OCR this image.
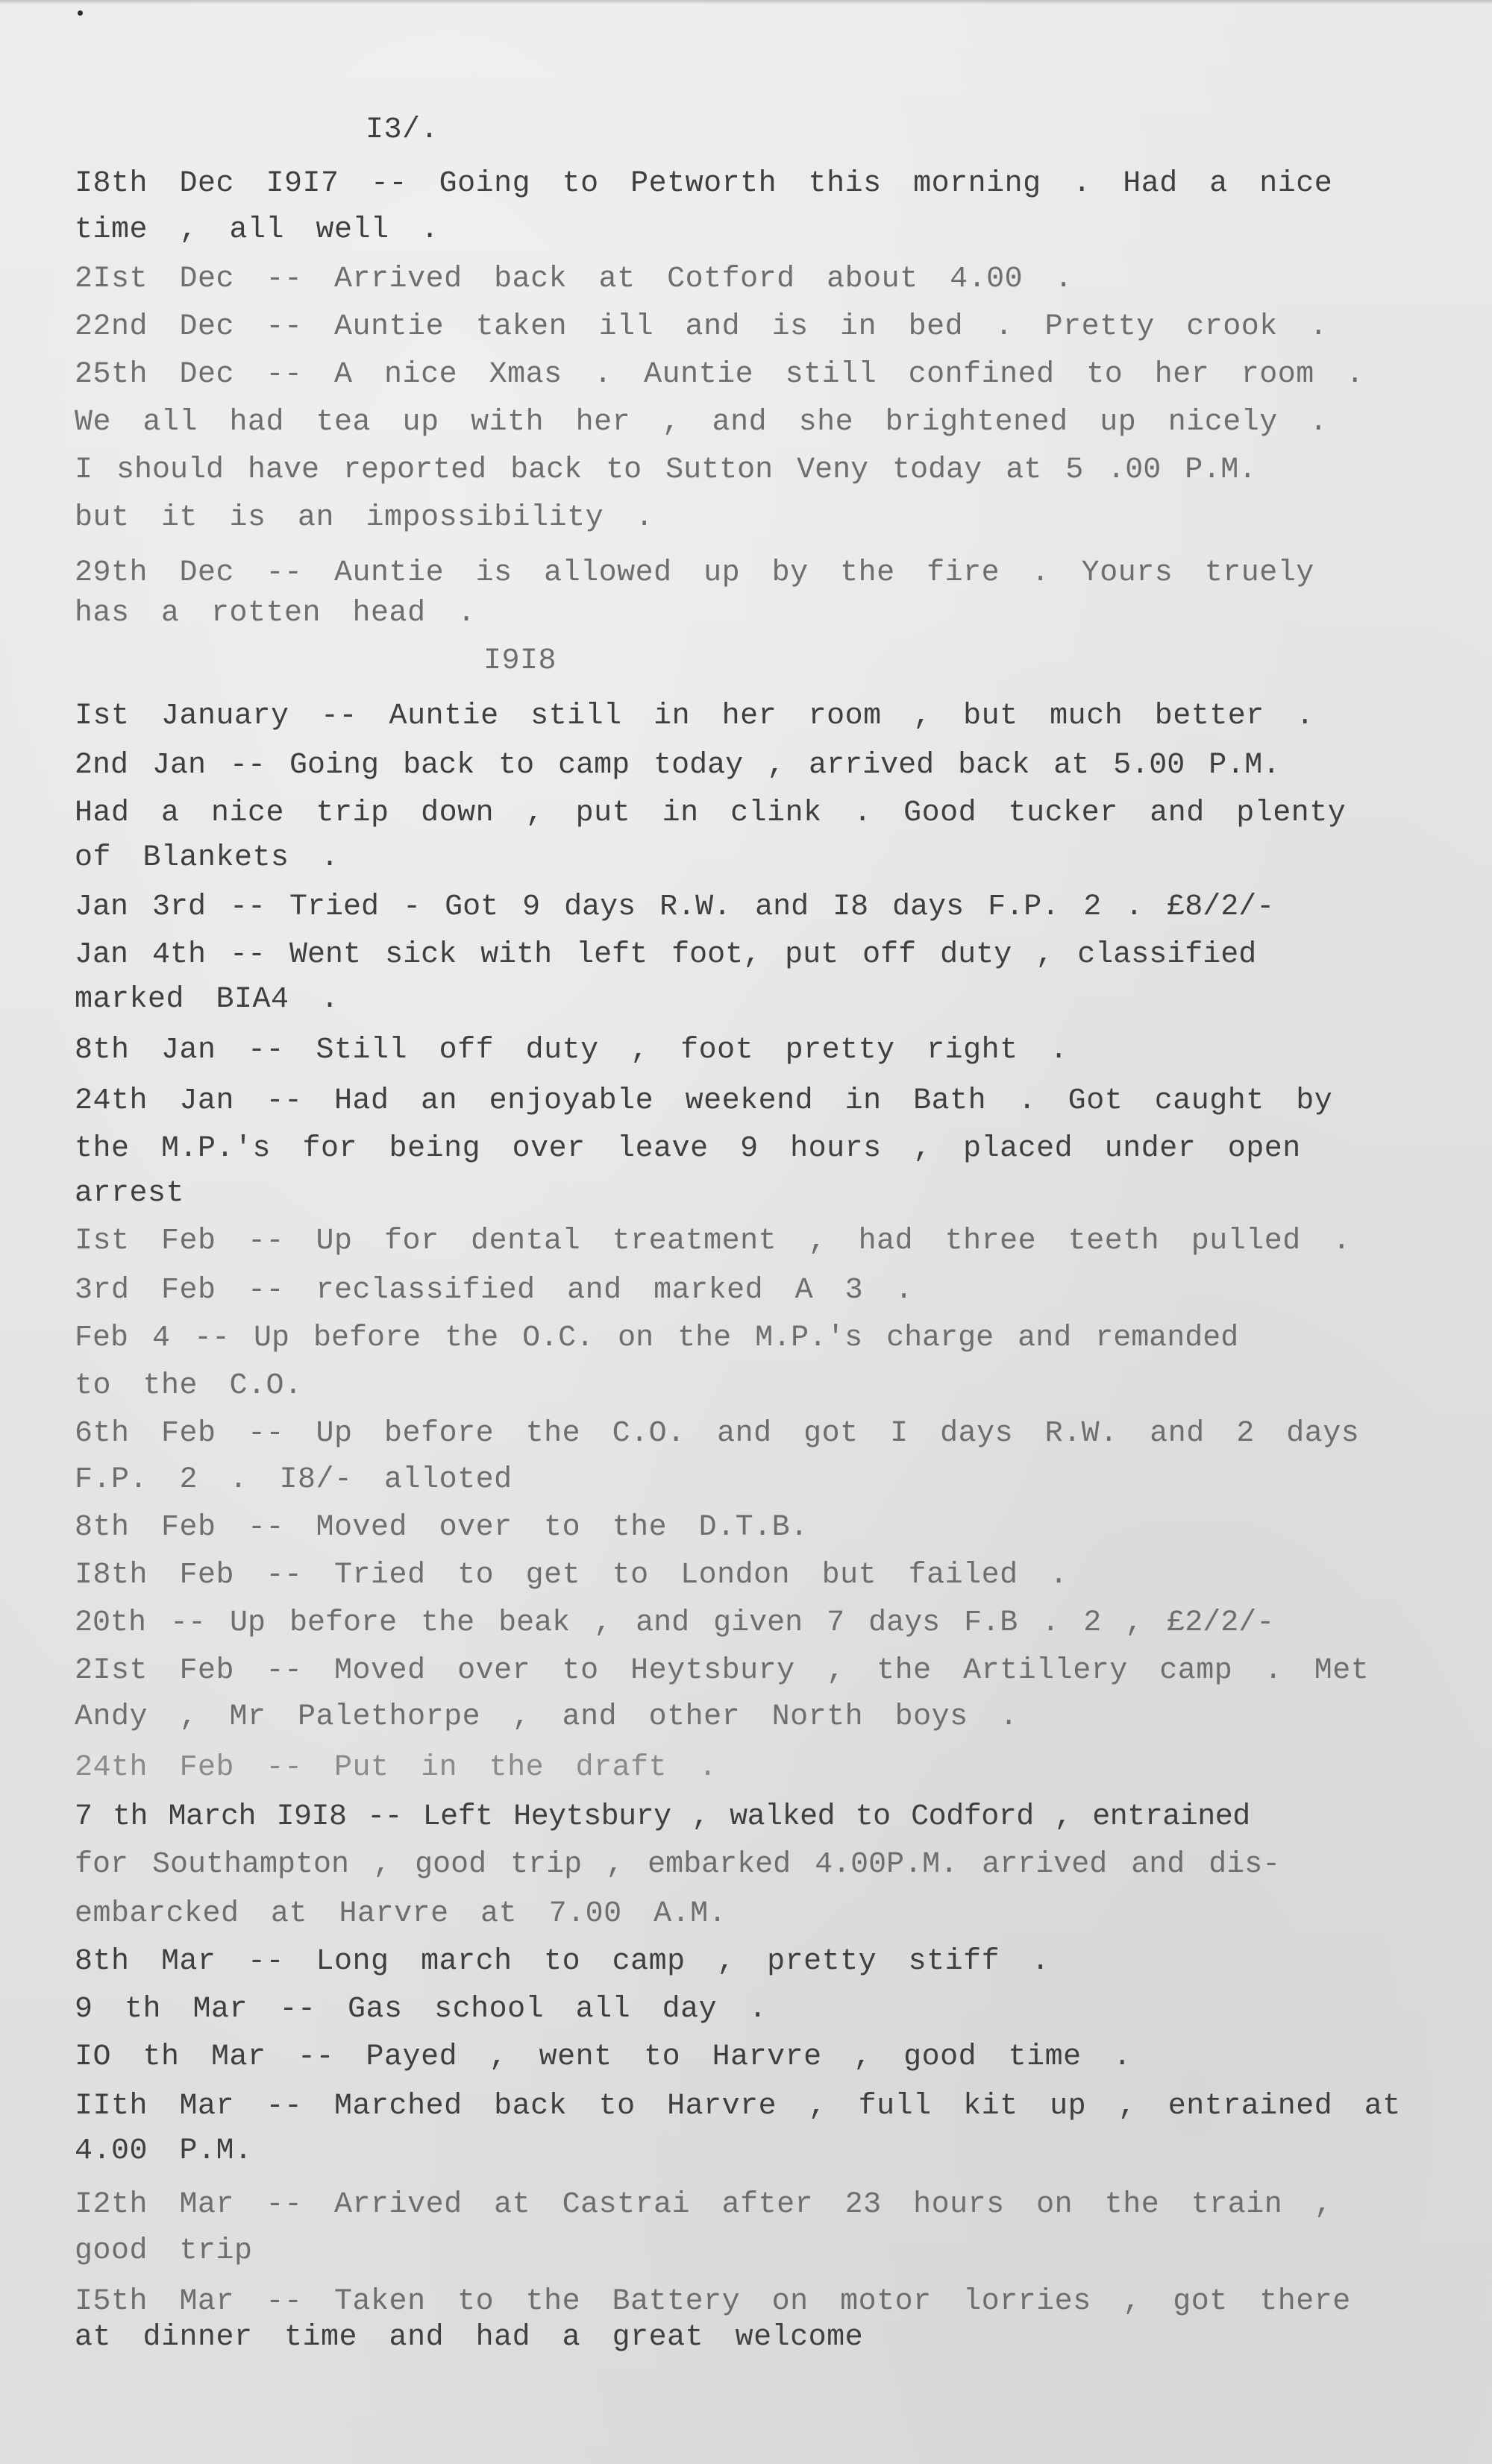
I3/.
I8th Dec I9I7 -- Going to Petworth this morning . Had a nice
time , all well .
2Ist Dec -- Arrived back at Cotford about 4.00 .
22nd Dec -- Auntie taken ill and is in bed . Pretty crook .
25th Dec -- A nice Xmas . Auntie still confined to her room .
We all had tea up with her , and she brightened up nicely .
I should have reported back to Sutton Veny today at 5 .00 P.M.
but it is an impossibility .
29th Dec -- Auntie is allowed up by the fire . Yours truely
has a rotten head .
I9I8
Ist January -- Auntie still in her room , but much better .
2nd Jan -- Going back to camp today , arrived back at 5.00 P.M.
Had a nice trip down , put in clink . Good tucker and plenty
of Blankets .
Jan 3rd -- Tried - Got 9 days R.W. and I8 days F.P. 2 . £8/2/-
Jan 4th -- Went sick with left foot, put off duty , classified
marked BIA4 .
8th Jan -- Still off duty , foot pretty right .
24th Jan -- Had an enjoyable weekend in Bath . Got caught by
the M.P.'s for being over leave 9 hours , placed under open
arrest
Ist Feb -- Up for dental treatment , had three teeth pulled .
3rd Feb -- reclassified and marked A 3 .
Feb 4 -- Up before the O.C. on the M.P.'s charge and remanded
to the C.O.
6th Feb -- Up before the C.O. and got I days R.W. and 2 days
F.P. 2 . I8/- alloted
8th Feb -- Moved over to the D.T.B.
I8th Feb -- Tried to get to London but failed .
20th -- Up before the beak , and given 7 days F.B . 2 , £2/2/-
2Ist Feb -- Moved over to Heytsbury , the Artillery camp . Met
Andy , Mr Palethorpe , and other North boys .
24th Feb -- Put in the draft .
7 th March I9I8 -- Left Heytsbury , walked to Codford , entrained
for Southampton , good trip , embarked 4.00P.M. arrived and dis-
embarcked at Harvre at 7.00 A.M.
8th Mar -- Long march to camp , pretty stiff .
9 th Mar -- Gas school all day .
IO th Mar -- Payed , went to Harvre , good time .
IIth Mar -- Marched back to Harvre , full kit up , entrained at
4.00 P.M.
I2th Mar -- Arrived at Castrai after 23 hours on the train ,
good trip
I5th Mar -- Taken to the Battery on motor lorries , got there
at dinner time and had a great welcome
